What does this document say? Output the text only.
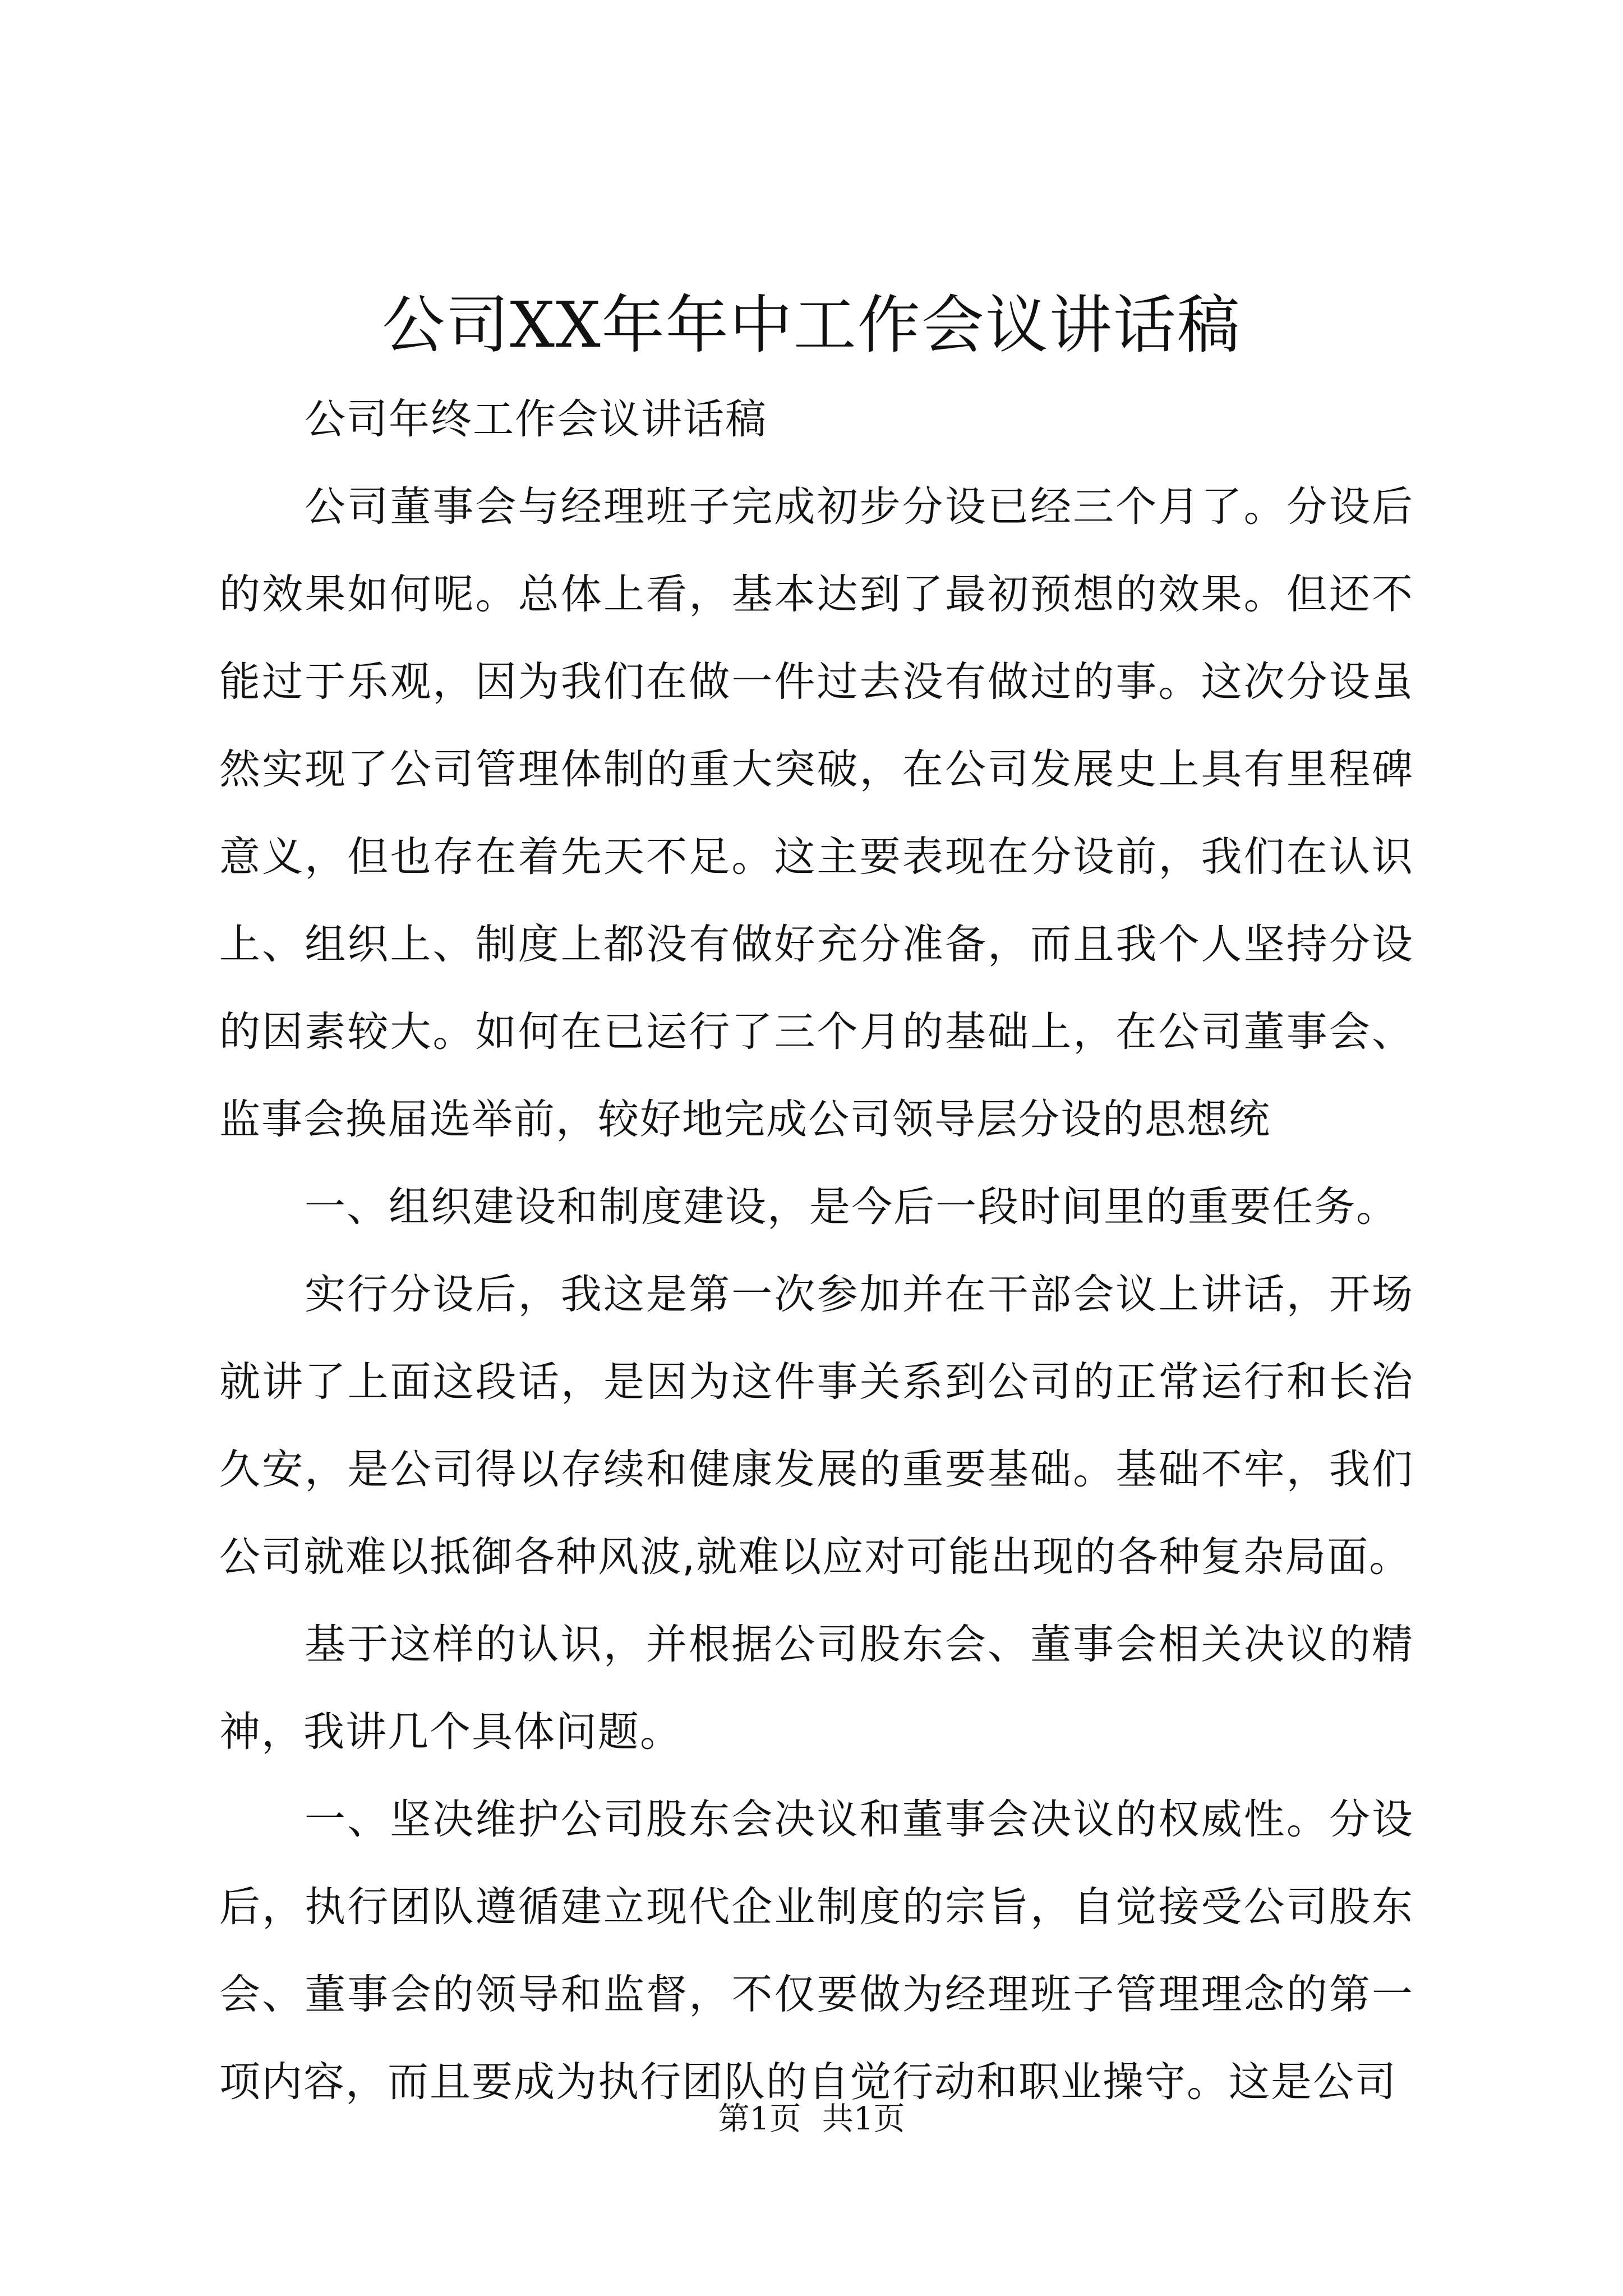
公司XX年年中工作会议讲话稿

公司年终工作会议讲话稿

公司董事会与经理班子完成初步分设已经三个月了。分设后的效果如何呢。总体上看，基本达到了最初预想的效果。但还不能过于乐观，因为我们在做一件过去没有做过的事。这次分设虽然实现了公司管理体制的重大突破，在公司发展史上具有里程碑意义，但也存在着先天不足。这主要表现在分设前，我们在认识上、组织上、制度上都没有做好充分准备，而且我个人坚持分设的因素较大。如何在已运行了三个月的基础上，在公司董事会、监事会换届选举前，较好地完成公司领导层分设的思想统

一、组织建设和制度建设，是今后一段时间里的重要任务。

实行分设后，我这是第一次参加并在干部会议上讲话，开场就讲了上面这段话，是因为这件事关系到公司的正常运行和长治久安，是公司得以存续和健康发展的重要基础。基础不牢，我们公司就难以抵御各种风波,就难以应对可能出现的各种复杂局面。

基于这样的认识，并根据公司股东会、董事会相关决议的精神，我讲几个具体问题。

一、坚决维护公司股东会决议和董事会决议的权威性。分设后，执行团队遵循建立现代企业制度的宗旨，自觉接受公司股东会、董事会的领导和监督，不仅要做为经理班子管理理念的第一项内容，而且要成为执行团队的自觉行动和职业操守。这是公司

第1页 共1页
